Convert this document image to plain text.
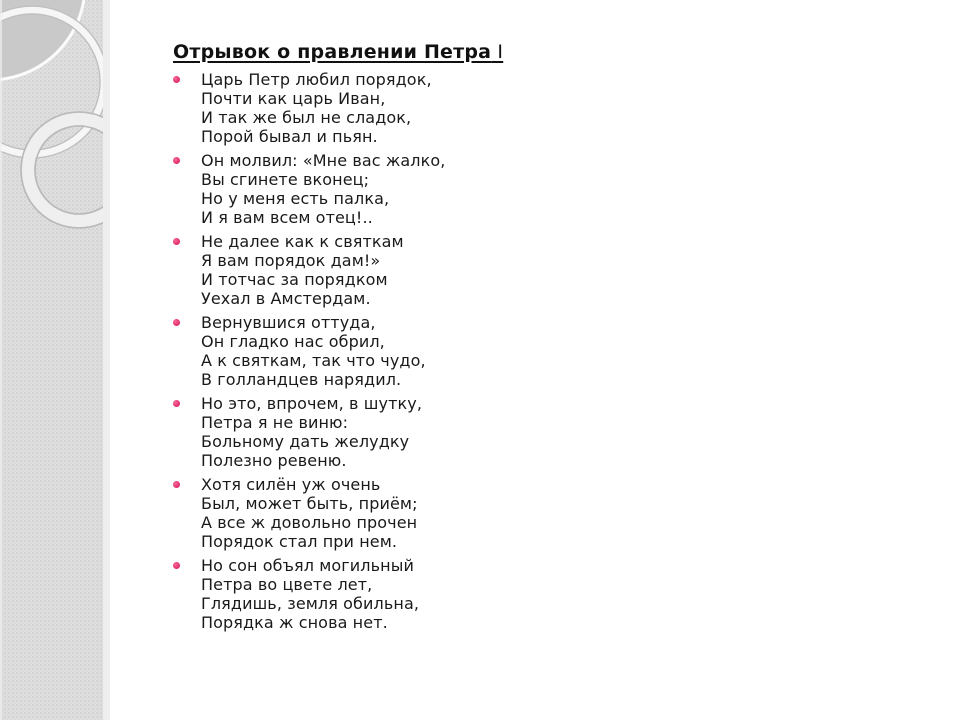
Отрывок о правлении Петра I
Царь Петр любил порядок,
Почти как царь Иван,
И так же был не сладок,
Порой бывал и пьян.
Он молвил: «Мне вас жалко,
Вы сгинете вконец;
Но у меня есть палка,
И я вам всем отец!..
Не далее как к святкам
Я вам порядок дам!»
И тотчас за порядком
Уехал в Амстердам.
Вернувшися оттуда,
Он гладко нас обрил,
А к святкам, так что чудо,
В голландцев нарядил.
Но это, впрочем, в шутку,
Петра я не виню:
Больному дать желудку
Полезно ревеню.
Хотя силён уж очень
Был, может быть, приём;
А все ж довольно прочен
Порядок стал при нем.
Но сон объял могильный
Петра во цвете лет,
Глядишь, земля обильна,
Порядка ж снова нет.
